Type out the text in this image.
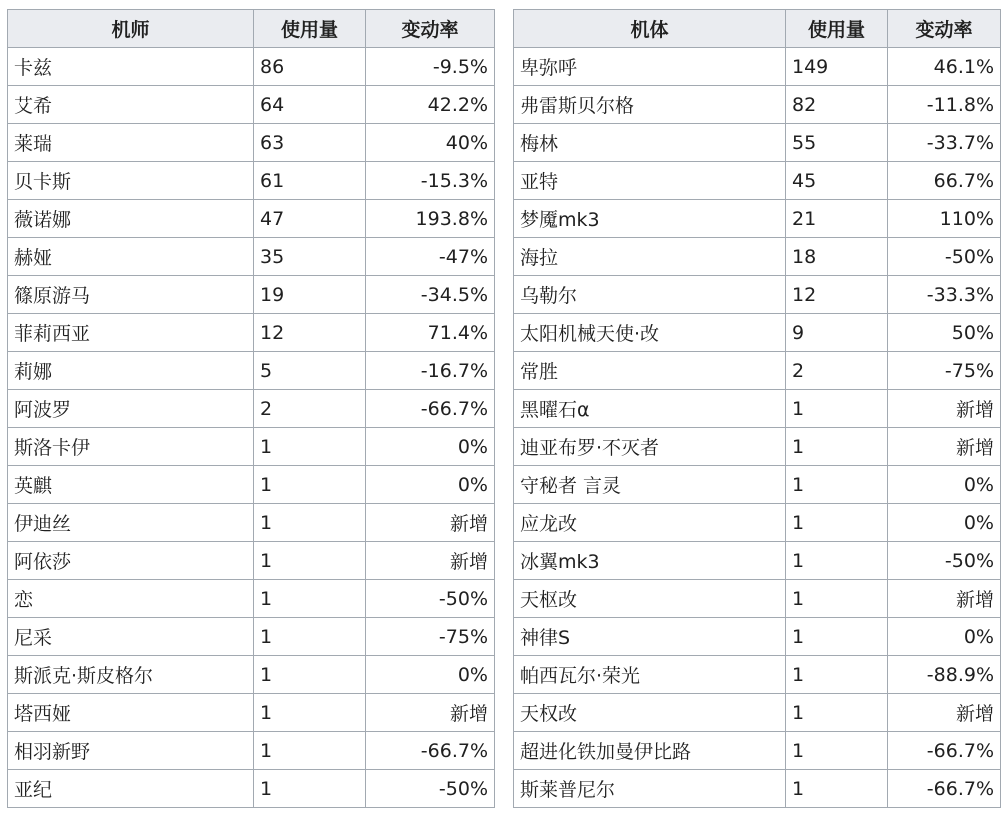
机师	使用量	变动率
卡兹	86	-9.5%
艾希	64	42.2%
莱瑞	63	40%
贝卡斯	61	-15.3%
薇诺娜	47	193.8%
赫娅	35	-47%
篠原游马	19	-34.5%
菲莉西亚	12	71.4%
莉娜	5	-16.7%
阿波罗	2	-66.7%
斯洛卡伊	1	0%
英麒	1	0%
伊迪丝	1	新增
阿依莎	1	新增
恋	1	-50%
尼采	1	-75%
斯派克·斯皮格尔	1	0%
塔西娅	1	新增
相羽新野	1	-66.7%
亚纪	1	-50%
机体	使用量	变动率
卑弥呼	149	46.1%
弗雷斯贝尔格	82	-11.8%
梅林	55	-33.7%
亚特	45	66.7%
梦魇mk3	21	110%
海拉	18	-50%
乌勒尔	12	-33.3%
太阳机械天使·改	9	50%
常胜	2	-75%
黑曜石α	1	新增
迪亚布罗·不灭者	1	新增
守秘者 言灵	1	0%
应龙改	1	0%
冰翼mk3	1	-50%
天枢改	1	新增
神律S	1	0%
帕西瓦尔·荣光	1	-88.9%
天权改	1	新增
超进化铁加曼伊比路	1	-66.7%
斯莱普尼尔	1	-66.7%
